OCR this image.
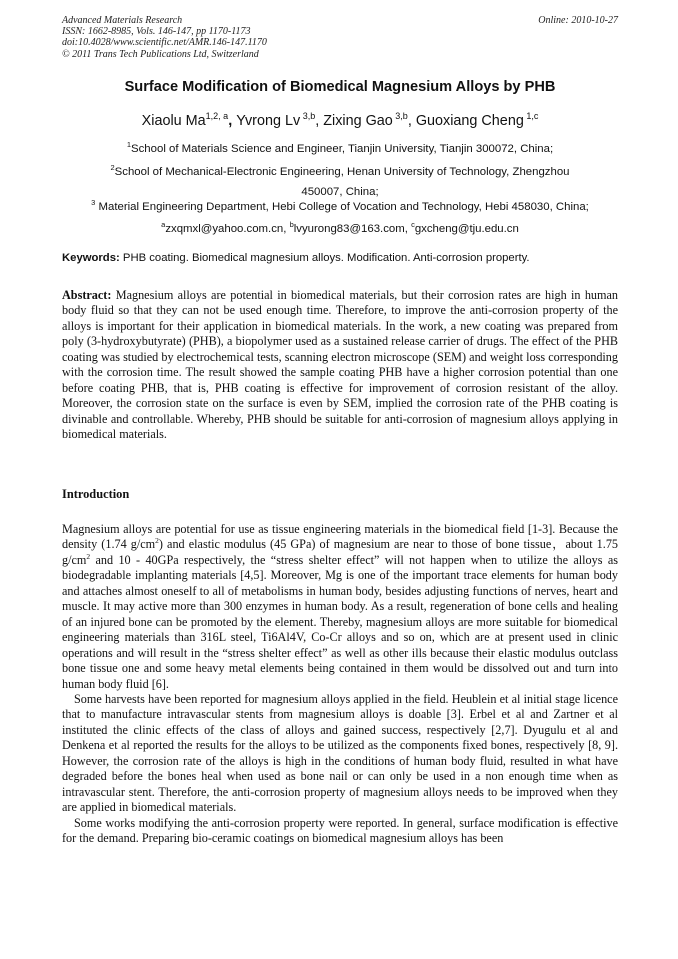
Advanced Materials Research
ISSN: 1662-8985, Vols. 146-147, pp 1170-1173
doi:10.4028/www.scientific.net/AMR.146-147.1170
© 2011 Trans Tech Publications Ltd, Switzerland
Online: 2010-10-27
Surface Modification of Biomedical Magnesium Alloys by PHB
Xiaolu Ma$^{1,2, a}$, Yvrong Lv $^{3,b}$, Zixing Gao $^{3,b}$, Guoxiang Cheng $^{1,c}$
$^1$School of Materials Science and Engineer, Tianjin University, Tianjin 300072, China;
$^2$School of Mechanical-Electronic Engineering, Henan University of Technology, Zhengzhou
450007, China;
$^3$ Material Engineering Department, Hebi College of Vocation and Technology, Hebi 458030, China;
$^a$zxqmxl@yahoo.com.cn, $^b$lvyurong83@163.com, $^c$gxcheng@tju.edu.cn
Keywords: PHB coating. Biomedical magnesium alloys. Modification. Anti-corrosion property.

Abstract: Magnesium alloys are potential in biomedical materials, but their corrosion rates are high in human body fluid so that they can not be used enough time. Therefore, to improve the anti-corrosion property of the alloys is important for their application in biomedical materials. In the work, a new coating was prepared from poly (3-hydroxybutyrate) (PHB), a biopolymer used as a sustained release carrier of drugs. The effect of the PHB coating was studied by electrochemical tests, scanning electron microscope (SEM) and weight loss corresponding with the corrosion time. The result showed the sample coating PHB have a higher corrosion potential than one before coating PHB, that is, PHB coating is effective for improvement of corrosion resistant of the alloy. Moreover, the corrosion state on the surface is even by SEM, implied the corrosion rate of the PHB coating is divinable and controllable. Whereby, PHB should be suitable for anti-corrosion of magnesium alloys applying in biomedical materials.

Introduction

Magnesium alloys are potential for use as tissue engineering materials in the biomedical field [1-3]. Because the density (1.74 $g/cm^2$) and elastic modulus (45 GPa) of magnesium are near to those of bone tissue，about 1.75 $g/cm^2$ and 10 - 40GPa respectively, the “stress shelter effect” will not happen when to utilize the alloys as biodegradable implanting materials [4,5]. Moreover, Mg is one of the important trace elements for human body and attaches almost oneself to all of metabolisms in human body, besides adjusting functions of nerves, heart and muscle. It may active more than 300 enzymes in human body. As a result, regeneration of bone cells and healing of an injured bone can be promoted by the element. Thereby, magnesium alloys are more suitable for biomedical engineering materials than 316L steel, Ti6Al4V, Co-Cr alloys and so on, which are at present used in clinic operations and will result in the “stress shelter effect” as well as other ills because their elastic modulus outclass bone tissue one and some heavy metal elements being contained in them would be dissolved out and turn into human body fluid [6].

Some harvests have been reported for magnesium alloys applied in the field. Heublein et al initial stage licence that to manufacture intravascular stents from magnesium alloys is doable [3]. Erbel et al and Zartner et al instituted the clinic effects of the class of alloys and gained success, respectively [2,7]. Dyugulu et al and Denkena et al reported the results for the alloys to be utilized as the components fixed bones, respectively [8, 9]. However, the corrosion rate of the alloys is high in the conditions of human body fluid, resulted in what have degraded before the bones heal when used as bone nail or can only be used in a non enough time when as intravascular stent. Therefore, the anti-corrosion property of magnesium alloys needs to be improved when they are applied in biomedical materials.

Some works modifying the anti-corrosion property were reported. In general, surface modification is effective for the demand. Preparing bio-ceramic coatings on biomedical magnesium alloys has been
